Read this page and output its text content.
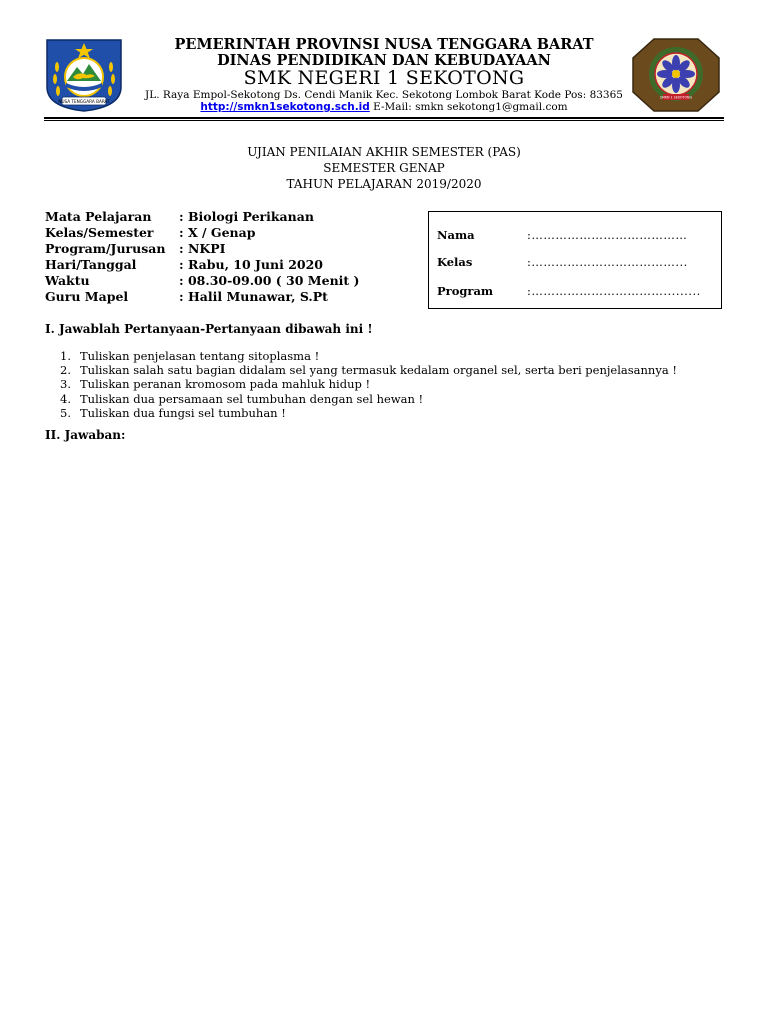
NUSA TENGGARA BARAT
SMKN 1 SEKOTONG
PEMERINTAH PROVINSI NUSA TENGGARA BARAT
DINAS PENDIDIKAN DAN KEBUDAYAAN
SMK NEGERI 1 SEKOTONG
JL. Raya Empol-Sekotong Ds. Cendi Manik Kec. Sekotong Lombok Barat Kode Pos: 83365
http://smkn1sekotong.sch.id E-Mail: smkn sekotong1@gmail.com
UJIAN PENILAIAN AKHIR SEMESTER (PAS)
SEMESTER GENAP
TAHUN PELAJARAN 2019/2020
Mata Pelajaran	: Biologi Perikanan
Kelas/Semester	: X / Genap
Program/Jurusan	: NKPI
Hari/Tanggal	: Rabu, 10 Juni 2020
Waktu	: 08.30-09.00 ( 30 Menit )
Guru Mapel	: Halil Munawar, S.Pt
Nama	:…………………………………
Kelas	:………………………………...
Program	:…………………………….........
I. Jawablah Pertanyaan-Pertanyaan dibawah ini !
1. Tuliskan penjelasan tentang sitoplasma !
2. Tuliskan salah satu bagian didalam sel yang termasuk kedalam organel sel, serta beri penjelasannya !
3. Tuliskan peranan kromosom pada mahluk hidup !
4. Tuliskan dua persamaan sel tumbuhan dengan sel hewan !
5. Tuliskan dua fungsi sel tumbuhan !
II. Jawaban:
